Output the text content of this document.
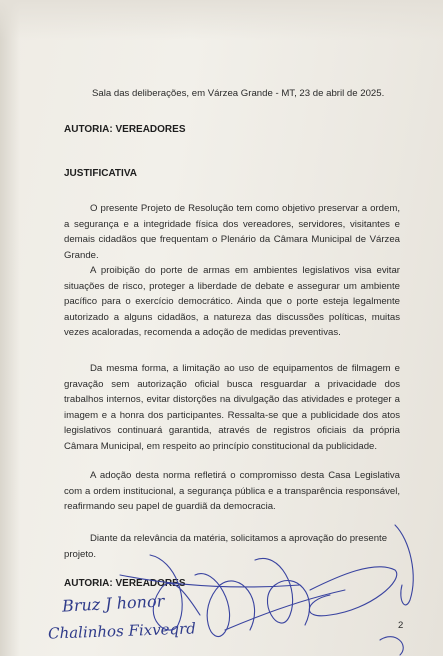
Sala das deliberações, em Várzea Grande - MT, 23 de abril de 2025.
AUTORIA: VEREADORES
JUSTIFICATIVA

O presente Projeto de Resolução tem como objetivo preservar a ordem, a segurança e a integridade física dos vereadores, servidores, visitantes e demais cidadãos que frequentam o Plenário da Câmara Municipal de Várzea Grande.

A proibição do porte de armas em ambientes legislativos visa evitar situações de risco, proteger a liberdade de debate e assegurar um ambiente pacífico para o exercício democrático. Ainda que o porte esteja legalmente autorizado a alguns cidadãos, a natureza das discussões políticas, muitas vezes acaloradas, recomenda a adoção de medidas preventivas.

Da mesma forma, a limitação ao uso de equipamentos de filmagem e gravação sem autorização oficial busca resguardar a privacidade dos trabalhos internos, evitar distorções na divulgação das atividades e proteger a imagem e a honra dos participantes. Ressalta-se que a publicidade dos atos legislativos continuará garantida, através de registros oficiais da própria Câmara Municipal, em respeito ao princípio constitucional da publicidade.

A adoção desta norma refletirá o compromisso desta Casa Legislativa com a ordem institucional, a segurança pública e a transparência responsável, reafirmando seu papel de guardiã da democracia.

Diante da relevância da matéria, solicitamos a aprovação do presente projeto.

AUTORIA: VEREADORES
Bruz J honor
Chalinhos Fixveqrd	2
